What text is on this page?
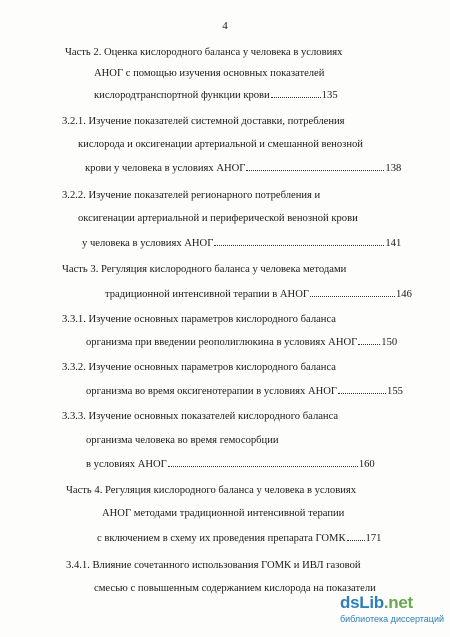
4
Часть 2. Оценка кислородного баланса у человека в условиях
АНОГ с помощью изучения основных показателей
кислородтранспортной функции крови	135
3.2.1. Изучение показателей системной доставки, потребления
кислорода и оксигенации артериальной и смешанной венозной
крови у человека в условиях АНОГ	138
3.2.2. Изучение показателей регионарного потребления и
оксигенации артериальной и периферической венозной крови
у человека в условиях АНОГ	141
Часть 3. Регуляция кислородного баланса у человека методами
традиционной интенсивной терапии в АНОГ	146
3.3.1. Изучение основных параметров кислородного баланса
организма при введении реополиглюкина в условиях АНОГ 150
3.3.2. Изучение основных параметров кислородного баланса
организма во время оксигенотерапии в условиях АНОГ	155
3.3.3. Изучение основных показателей кислородного баланса
организма человека во время гемосорбции
в условиях АНОГ	160
Часть 4. Регуляция кислородного баланса у человека в условиях
АНОГ методами традиционной интенсивной терапии
с включением в схему их проведения препарата ГОМК 171
3.4.1. Влияние сочетанного использования ГОМК и ИВЛ газовой
смесью с повышенным содержанием кислорода на показатели
dsLib.net
библиотека диссертаций
